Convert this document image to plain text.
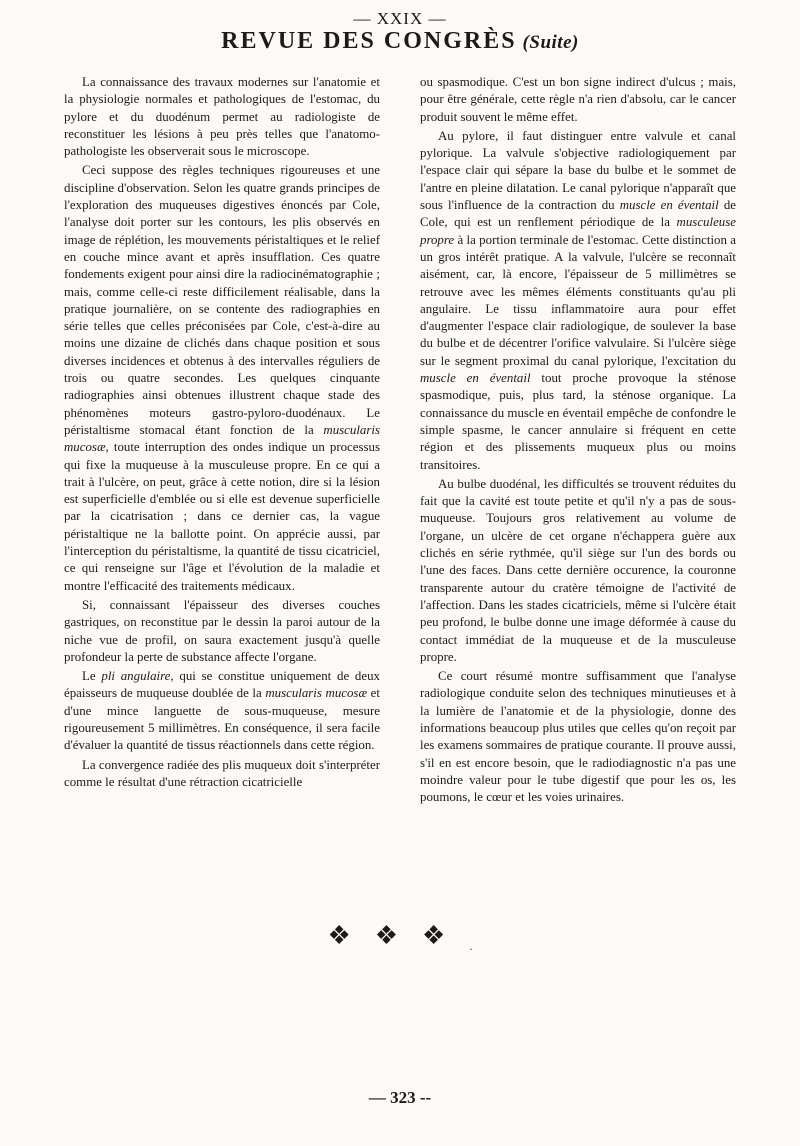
— XXIX —
REVUE DES CONGRÈS (Suite)

La connaissance des travaux modernes sur l'anatomie et la physiologie normales et pathologiques de l'estomac, du pylore et du duodénum permet au radiologiste de reconstituer les lésions à peu près telles que l'anatomo-pathologiste les observerait sous le microscope.

Ceci suppose des règles techniques rigoureuses et une discipline d'observation. Selon les quatre grands principes de l'exploration des muqueuses digestives énoncés par Cole, l'analyse doit porter sur les contours, les plis observés en image de réplétion, les mouvements péristaltiques et le relief en couche mince avant et après insufflation. Ces quatre fondements exigent pour ainsi dire la radiocinématographie ; mais, comme celle-ci reste difficilement réalisable, dans la pratique journalière, on se contente des radiographies en série telles que celles préconisées par Cole, c'est-à-dire au moins une dizaine de clichés dans chaque position et sous diverses incidences et obtenus à des intervalles réguliers de trois ou quatre secondes. Les quelques cinquante radiographies ainsi obtenues illustrent chaque stade des phénomènes moteurs gastro-pyloro-duodénaux. Le péristaltisme stomacal étant fonction de la muscularis mucosæ, toute interruption des ondes indique un processus qui fixe la muqueuse à la musculeuse propre. En ce qui a trait à l'ulcère, on peut, grâce à cette notion, dire si la lésion est superficielle d'emblée ou si elle est devenue superficielle par la cicatrisation ; dans ce dernier cas, la vague péristaltique ne la ballotte point. On apprécie aussi, par l'interception du péristaltisme, la quantité de tissu cicatriciel, ce qui renseigne sur l'âge et l'évolution de la maladie et montre l'efficacité des traitements médicaux.

Si, connaissant l'épaisseur des diverses couches gastriques, on reconstitue par le dessin la paroi autour de la niche vue de profil, on saura exactement jusqu'à quelle profondeur la perte de substance affecte l'organe.

Le pli angulaire, qui se constitue uniquement de deux épaisseurs de muqueuse doublée de la muscularis mucosæ et d'une mince languette de sous-muqueuse, mesure rigoureusement 5 millimètres. En conséquence, il sera facile d'évaluer la quantité de tissus réactionnels dans cette région.

La convergence radiée des plis muqueux doit s'interpréter comme le résultat d'une rétraction cicatricielle

ou spasmodique. C'est un bon signe indirect d'ulcus ; mais, pour être générale, cette règle n'a rien d'absolu, car le cancer produit souvent le même effet.

Au pylore, il faut distinguer entre valvule et canal pylorique. La valvule s'objective radiologiquement par l'espace clair qui sépare la base du bulbe et le sommet de l'antre en pleine dilatation. Le canal pylorique n'apparaît que sous l'influence de la contraction du muscle en éventail de Cole, qui est un renflement périodique de la musculeuse propre à la portion terminale de l'estomac. Cette distinction a un gros intérêt pratique. A la valvule, l'ulcère se reconnaît aisément, car, là encore, l'épaisseur de 5 millimètres se retrouve avec les mêmes éléments constituants qu'au pli angulaire. Le tissu inflammatoire aura pour effet d'augmenter l'espace clair radiologique, de soulever la base du bulbe et de décentrer l'orifice valvulaire. Si l'ulcère siège sur le segment proximal du canal pylorique, l'excitation du muscle en éventail tout proche provoque la sténose spasmodique, puis, plus tard, la sténose organique. La connaissance du muscle en éventail empêche de confondre le simple spasme, le cancer annulaire si fréquent en cette région et des plissements muqueux plus ou moins transitoires.

Au bulbe duodénal, les difficultés se trouvent réduites du fait que la cavité est toute petite et qu'il n'y a pas de sous-muqueuse. Toujours gros relativement au volume de l'organe, un ulcère de cet organe n'échappera guère aux clichés en série rythmée, qu'il siège sur l'un des bords ou l'une des faces. Dans cette dernière occurence, la couronne transparente autour du cratère témoigne de l'activité de l'affection. Dans les stades cicatriciels, même si l'ulcère était peu profond, le bulbe donne une image déformée à cause du contact immédiat de la muqueuse et de la musculeuse propre.

Ce court résumé montre suffisamment que l'analyse radiologique conduite selon des techniques minutieuses et à la lumière de l'anatomie et de la physiologie, donne des informations beaucoup plus utiles que celles qu'on reçoit par les examens sommaires de pratique courante. Il prouve aussi, s'il en est encore besoin, que le radiodiagnostic n'a pas une moindre valeur pour le tube digestif que pour les os, les poumons, le cœur et les voies urinaires.

$❖❖❖_.$
— 323 --
